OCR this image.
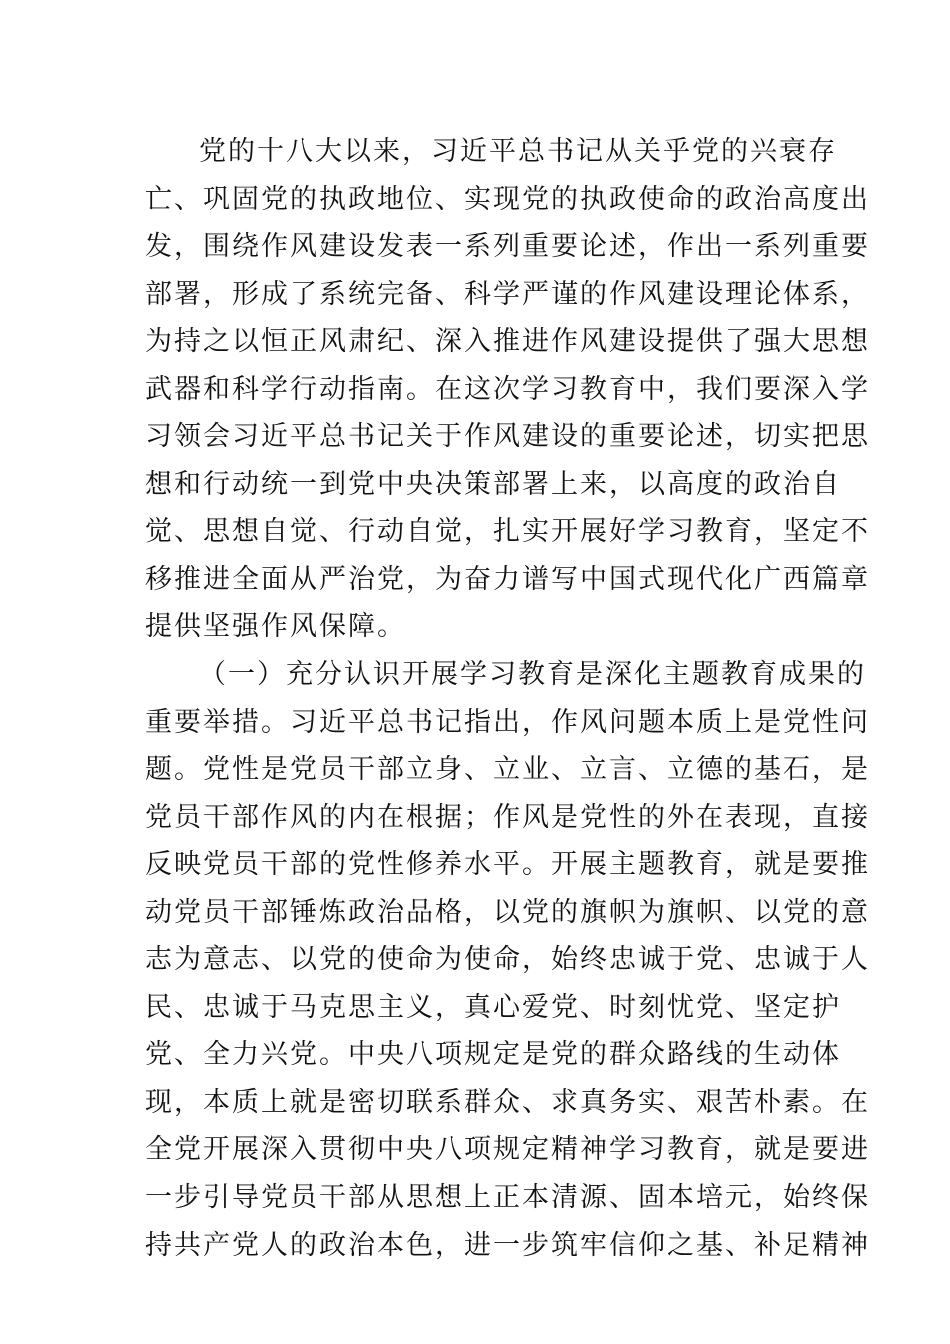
党的十八大以来，习近平总书记从关乎党的兴衰存
亡、巩固党的执政地位、实现党的执政使命的政治高度出
发，围绕作风建设发表一系列重要论述，作出一系列重要
部署，形成了系统完备、科学严谨的作风建设理论体系，
为持之以恒正风肃纪、深入推进作风建设提供了强大思想
武器和科学行动指南。在这次学习教育中，我们要深入学
习领会习近平总书记关于作风建设的重要论述，切实把思
想和行动统一到党中央决策部署上来，以高度的政治自
觉、思想自觉、行动自觉，扎实开展好学习教育，坚定不
移推进全面从严治党，为奋力谱写中国式现代化广西篇章
提供坚强作风保障。
（一）充分认识开展学习教育是深化主题教育成果的
重要举措。习近平总书记指出，作风问题本质上是党性问
题。党性是党员干部立身、立业、立言、立德的基石，是
党员干部作风的内在根据；作风是党性的外在表现，直接
反映党员干部的党性修养水平。开展主题教育，就是要推
动党员干部锤炼政治品格，以党的旗帜为旗帜、以党的意
志为意志、以党的使命为使命，始终忠诚于党、忠诚于人
民、忠诚于马克思主义，真心爱党、时刻忧党、坚定护
党、全力兴党。中央八项规定是党的群众路线的生动体
现，本质上就是密切联系群众、求真务实、艰苦朴素。在
全党开展深入贯彻中央八项规定精神学习教育，就是要进
一步引导党员干部从思想上正本清源、固本培元，始终保
持共产党人的政治本色，进一步筑牢信仰之基、补足精神
